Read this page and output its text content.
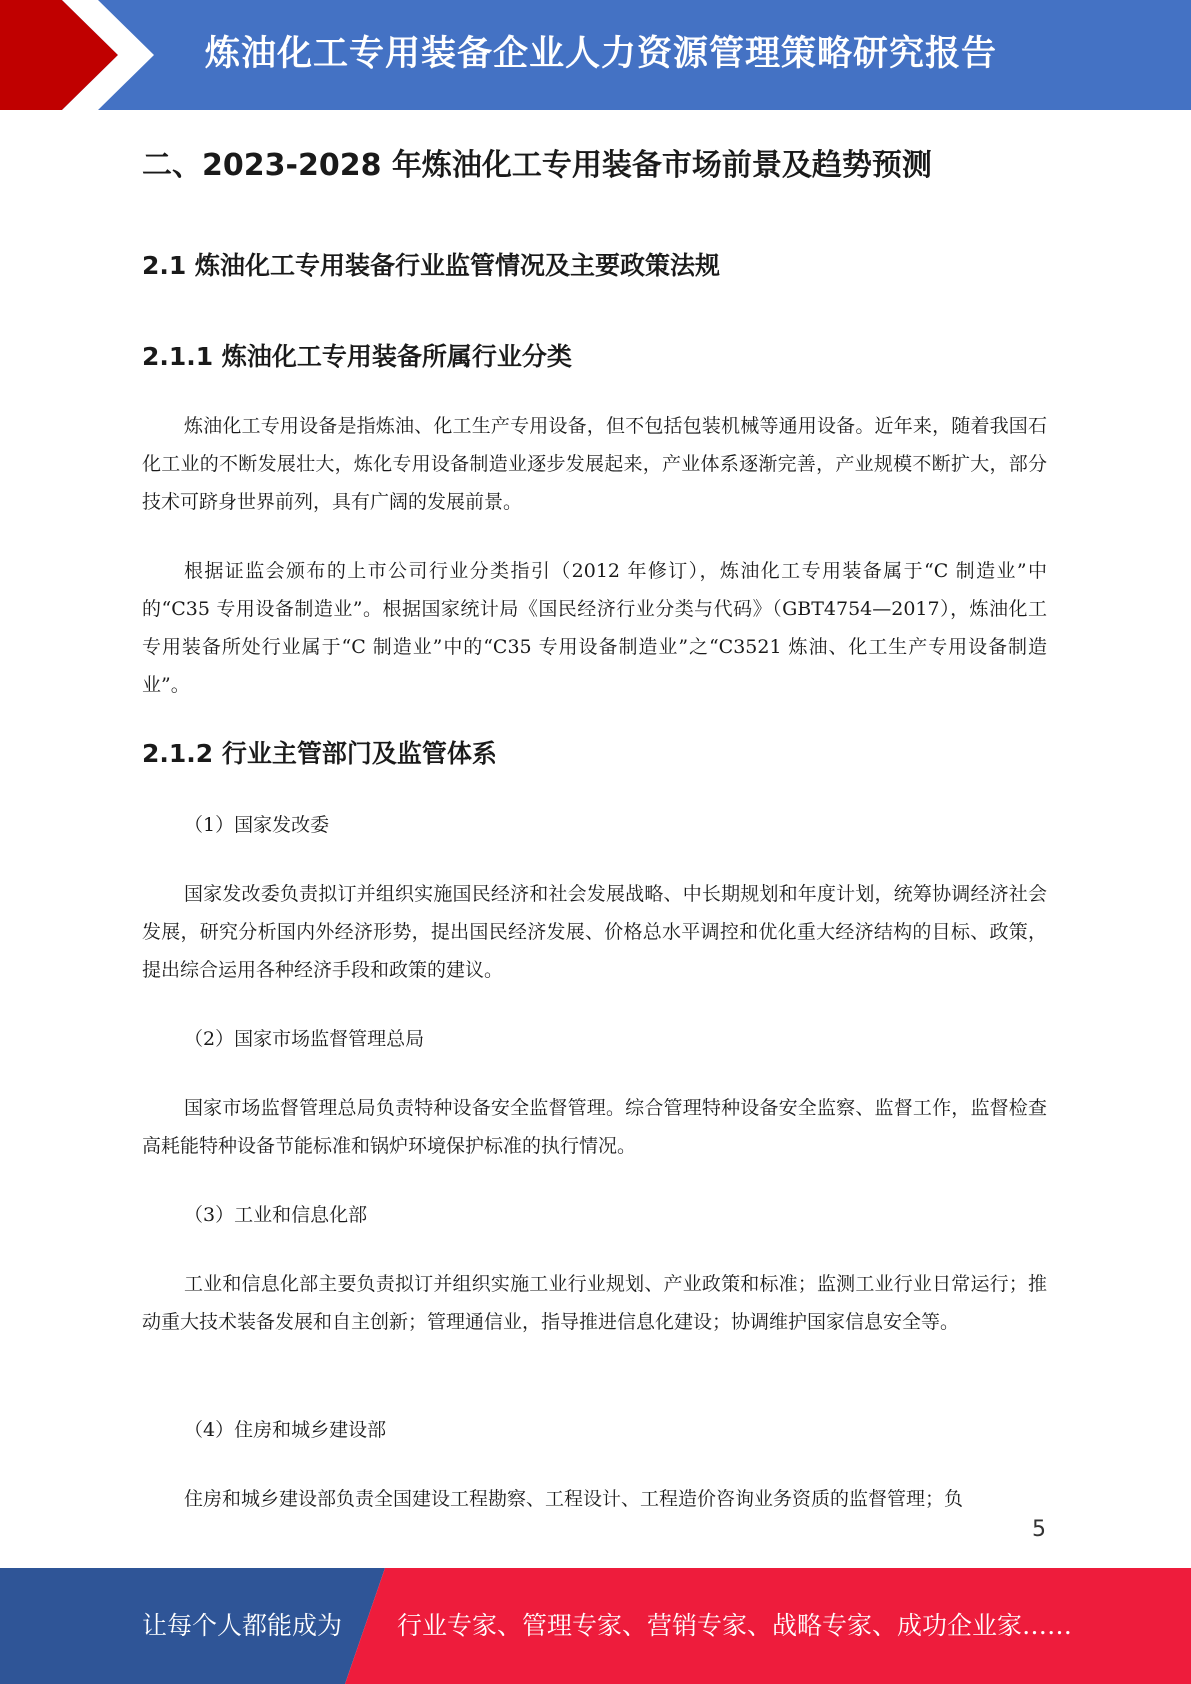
炼油化工专用装备企业人力资源管理策略研究报告
二、2023-2028 年炼油化工专用装备市场前景及趋势预测
2.1 炼油化工专用装备行业监管情况及主要政策法规
2.1.1 炼油化工专用装备所属行业分类
炼油化工专用设备是指炼油、化工生产专用设备，但不包括包装机械等通用设备。近年来，随着我国石化工业的不断发展壮大，炼化专用设备制造业逐步发展起来，产业体系逐渐完善，产业规模不断扩大，部分技术可跻身世界前列，具有广阔的发展前景。
根据证监会颁布的上市公司行业分类指引（2012 年修订），炼油化工专用装备属于“C 制造业”中的“C35 专用设备制造业”。根据国家统计局《国民经济行业分类与代码》（GBT4754—2017），炼油化工专用装备所处行业属于“C 制造业”中的“C35 专用设备制造业”之“C3521 炼油、化工生产专用设备制造业”。
2.1.2 行业主管部门及监管体系
（1）国家发改委
国家发改委负责拟订并组织实施国民经济和社会发展战略、中长期规划和年度计划，统筹协调经济社会发展，研究分析国内外经济形势，提出国民经济发展、价格总水平调控和优化重大经济结构的目标、政策，提出综合运用各种经济手段和政策的建议。
（2）国家市场监督管理总局
国家市场监督管理总局负责特种设备安全监督管理。综合管理特种设备安全监察、监督工作，监督检查高耗能特种设备节能标准和锅炉环境保护标准的执行情况。
（3）工业和信息化部
工业和信息化部主要负责拟订并组织实施工业行业规划、产业政策和标准；监测工业行业日常运行；推动重大技术装备发展和自主创新；管理通信业，指导推进信息化建设；协调维护国家信息安全等。
（4）住房和城乡建设部
住房和城乡建设部负责全国建设工程勘察、工程设计、工程造价咨询业务资质的监督管理；负
5
让每个人都能成为 行业专家、管理专家、营销专家、战略专家、成功企业家……
